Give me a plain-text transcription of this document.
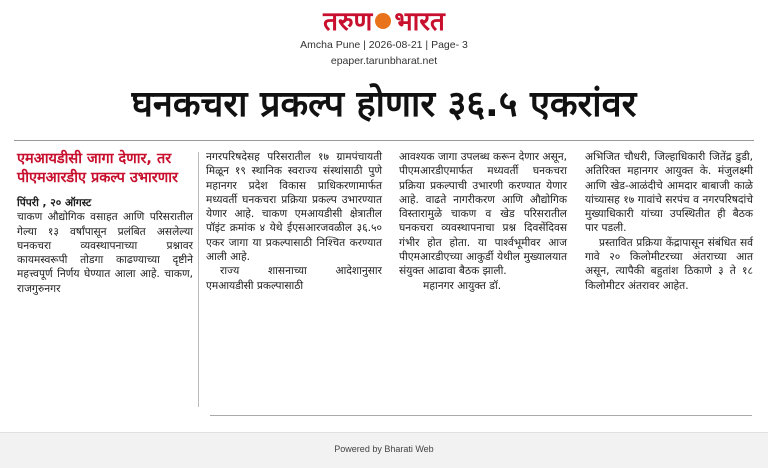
तरुण भारत
Amcha Pune | 2026-08-21 | Page- 3
epaper.tarunbharat.net
घनकचरा प्रकल्प होणार ३६.५ एकरांवर
एमआयडीसी जागा देणार, तर पीएमआरडीए प्रकल्प उभारणार
पिंपरी , २० ऑगस्ट
चाकण औद्योगिक वसाहत आणि परिसरातील गेल्या १३ वर्षांपासून प्रलंबित असलेल्या घनकचरा व्यवस्थापनाच्या प्रश्नावर कायमस्वरूपी तोडगा काढण्याच्या दृष्टीने महत्त्वपूर्ण निर्णय घेण्यात आला आहे. चाकण, राजगुरुनगर
नगरपरिषदेसह परिसरातील १७ ग्रामपंचायती मिळून १९ स्थानिक स्वराज्य संस्थांसाठी पुणे महानगर प्रदेश विकास प्राधिकरणामार्फत मध्यवर्ती घनकचरा प्रक्रिया प्रकल्प उभारण्यात येणार आहे. चाकण एमआयडीसी क्षेत्रातील पॉइंट क्रमांक ४ येथे ईएसआरजवळील ३६.५० एकर जागा या प्रकल्पासाठी निश्चित करण्यात आली आहे.
राज्य शासनाच्या आदेशानुसार एमआयडीसी प्रकल्पासाठी
आवश्यक जागा उपलब्ध करून देणार असून, पीएमआरडीएमार्फत मध्यवर्ती घनकचरा प्रक्रिया प्रकल्पाची उभारणी करण्यात येणार आहे. वाढते नागरीकरण आणि औद्योगिक विस्तारामुळे चाकण व खेड परिसरातील घनकचरा व्यवस्थापनाचा प्रश्न दिवसेंदिवस गंभीर होत होता. या पार्श्वभूमीवर आज पीएमआरडीएच्या आकुर्डी येथील मुख्यालयात संयुक्त आढावा बैठक झाली.
महानगर आयुक्त डॉ.
अभिजित चौधरी, जिल्हाधिकारी जितेंद्र डुडी, अतिरिक्त महानगर आयुक्त के. मंजुलक्ष्मी आणि खेड-आळंदीचे आमदार बाबाजी काळे यांच्यासह १७ गावांचे सरपंच व नगरपरिषदांचे मुख्याधिकारी यांच्या उपस्थितीत ही बैठक पार पडली.
प्रस्तावित प्रक्रिया केंद्रापासून संबंधित सर्व गावे २० किलोमीटरच्या अंतराच्या आत असून, त्यापैकी बहुतांश ठिकाणे ३ ते १८ किलोमीटर अंतरावर आहेत.
Powered by Bharati Web
